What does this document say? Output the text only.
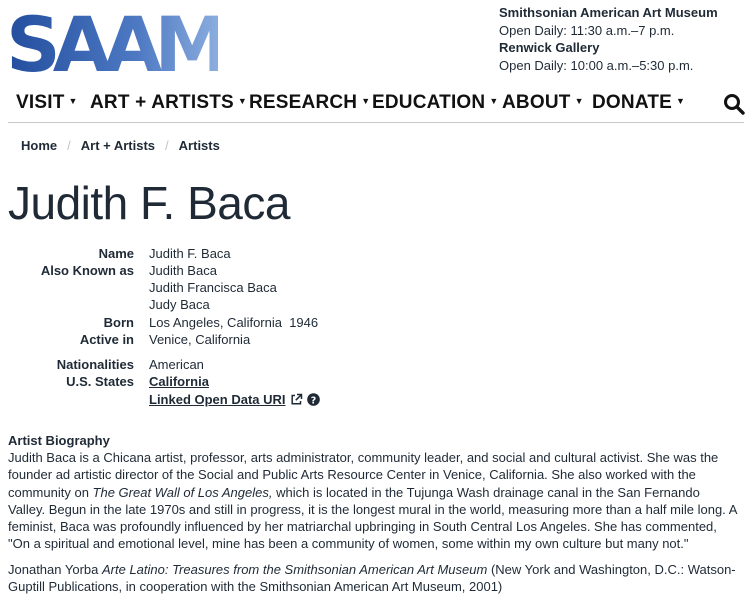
SAAM	Smithsonian American Art Museum
Open Daily: 11:30 a.m.–7 p.m.
Renwick Gallery
Open Daily: 10:00 a.m.–5:30 p.m.
VISIT ▼ ART + ARTISTS ▼ RESEARCH ▼ EDUCATION ▼ ABOUT ▼ DONATE ▼
Home / Art + Artists / Artists
Judith F. Baca
Name Judith F. Baca
Also Known as Judith Baca
Judith Francisca Baca
Judy Baca
Born Los Angeles, California  1946
Active in Venice, California
Nationalities American
U.S. States California
Linked Open Data URI	?
Artist Biography
Judith Baca is a Chicana artist, professor, arts administrator, community leader, and social and cultural activist. She was the founder ad artistic director of the Social and Public Arts Resource Center in Venice, California. She also worked with the community on The Great Wall of Los Angeles, which is located in the Tujunga Wash drainage canal in the San Fernando Valley. Begun in the late 1970s and still in progress, it is the longest mural in the world, measuring more than a half mile long. A feminist, Baca was profoundly influenced by her matriarchal upbringing in South Central Los Angeles. She has commented, "On a spiritual and emotional level, mine has been a community of women, some within my own culture but many not."
Jonathan Yorba Arte Latino: Treasures from the Smithsonian American Art Museum (New York and Washington, D.C.: Watson-Guptill Publications, in cooperation with the Smithsonian American Art Museum, 2001)
